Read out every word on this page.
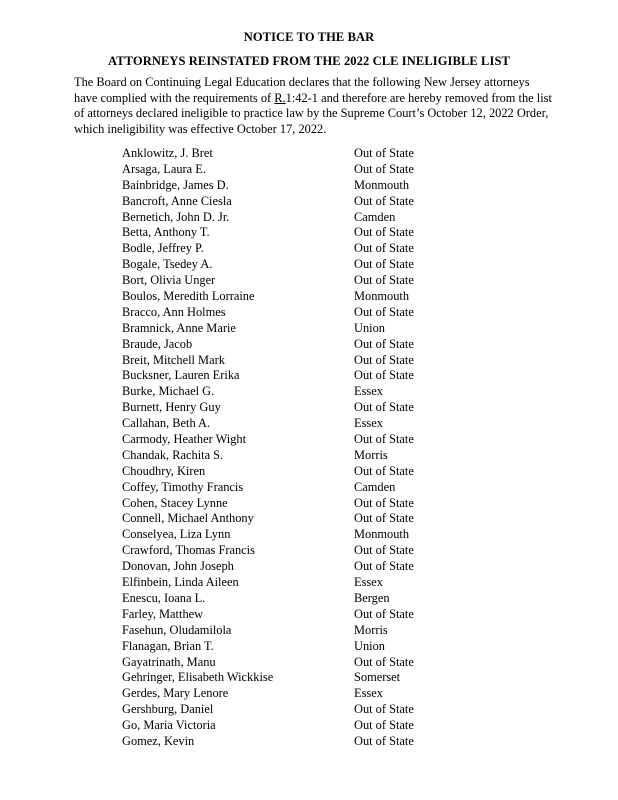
NOTICE TO THE BAR
ATTORNEYS REINSTATED FROM THE 2022 CLE INELIGIBLE LIST

The Board on Continuing Legal Education declares that the following New Jersey attorneys have complied with the requirements of R.1:42-1 and therefore are hereby removed from the list of attorneys declared ineligible to practice law by the Supreme Court’s October 12, 2022 Order, which ineligibility was effective October 17, 2022.

Anklowitz, J. Bret	Out of State
Arsaga, Laura E.	Out of State
Bainbridge, James D.	Monmouth
Bancroft, Anne Ciesla	Out of State
Bernetich, John D. Jr.	Camden
Betta, Anthony T.	Out of State
Bodle, Jeffrey P.	Out of State
Bogale, Tsedey A.	Out of State
Bort, Olivia Unger	Out of State
Boulos, Meredith Lorraine	Monmouth
Bracco, Ann Holmes	Out of State
Bramnick, Anne Marie	Union
Braude, Jacob	Out of State
Breit, Mitchell Mark	Out of State
Bucksner, Lauren Erika	Out of State
Burke, Michael G.	Essex
Burnett, Henry Guy	Out of State
Callahan, Beth A.	Essex
Carmody, Heather Wight	Out of State
Chandak, Rachita S.	Morris
Choudhry, Kiren	Out of State
Coffey, Timothy Francis	Camden
Cohen, Stacey Lynne	Out of State
Connell, Michael Anthony	Out of State
Conselyea, Liza Lynn	Monmouth
Crawford, Thomas Francis	Out of State
Donovan, John Joseph	Out of State
Elfinbein, Linda Aileen	Essex
Enescu, Ioana L.	Bergen
Farley, Matthew	Out of State
Fasehun, Oludamilola	Morris
Flanagan, Brian T.	Union
Gayatrinath, Manu	Out of State
Gehringer, Elisabeth Wickkise	Somerset
Gerdes, Mary Lenore	Essex
Gershburg, Daniel	Out of State
Go, Maria Victoria	Out of State
Gomez, Kevin	Out of State
